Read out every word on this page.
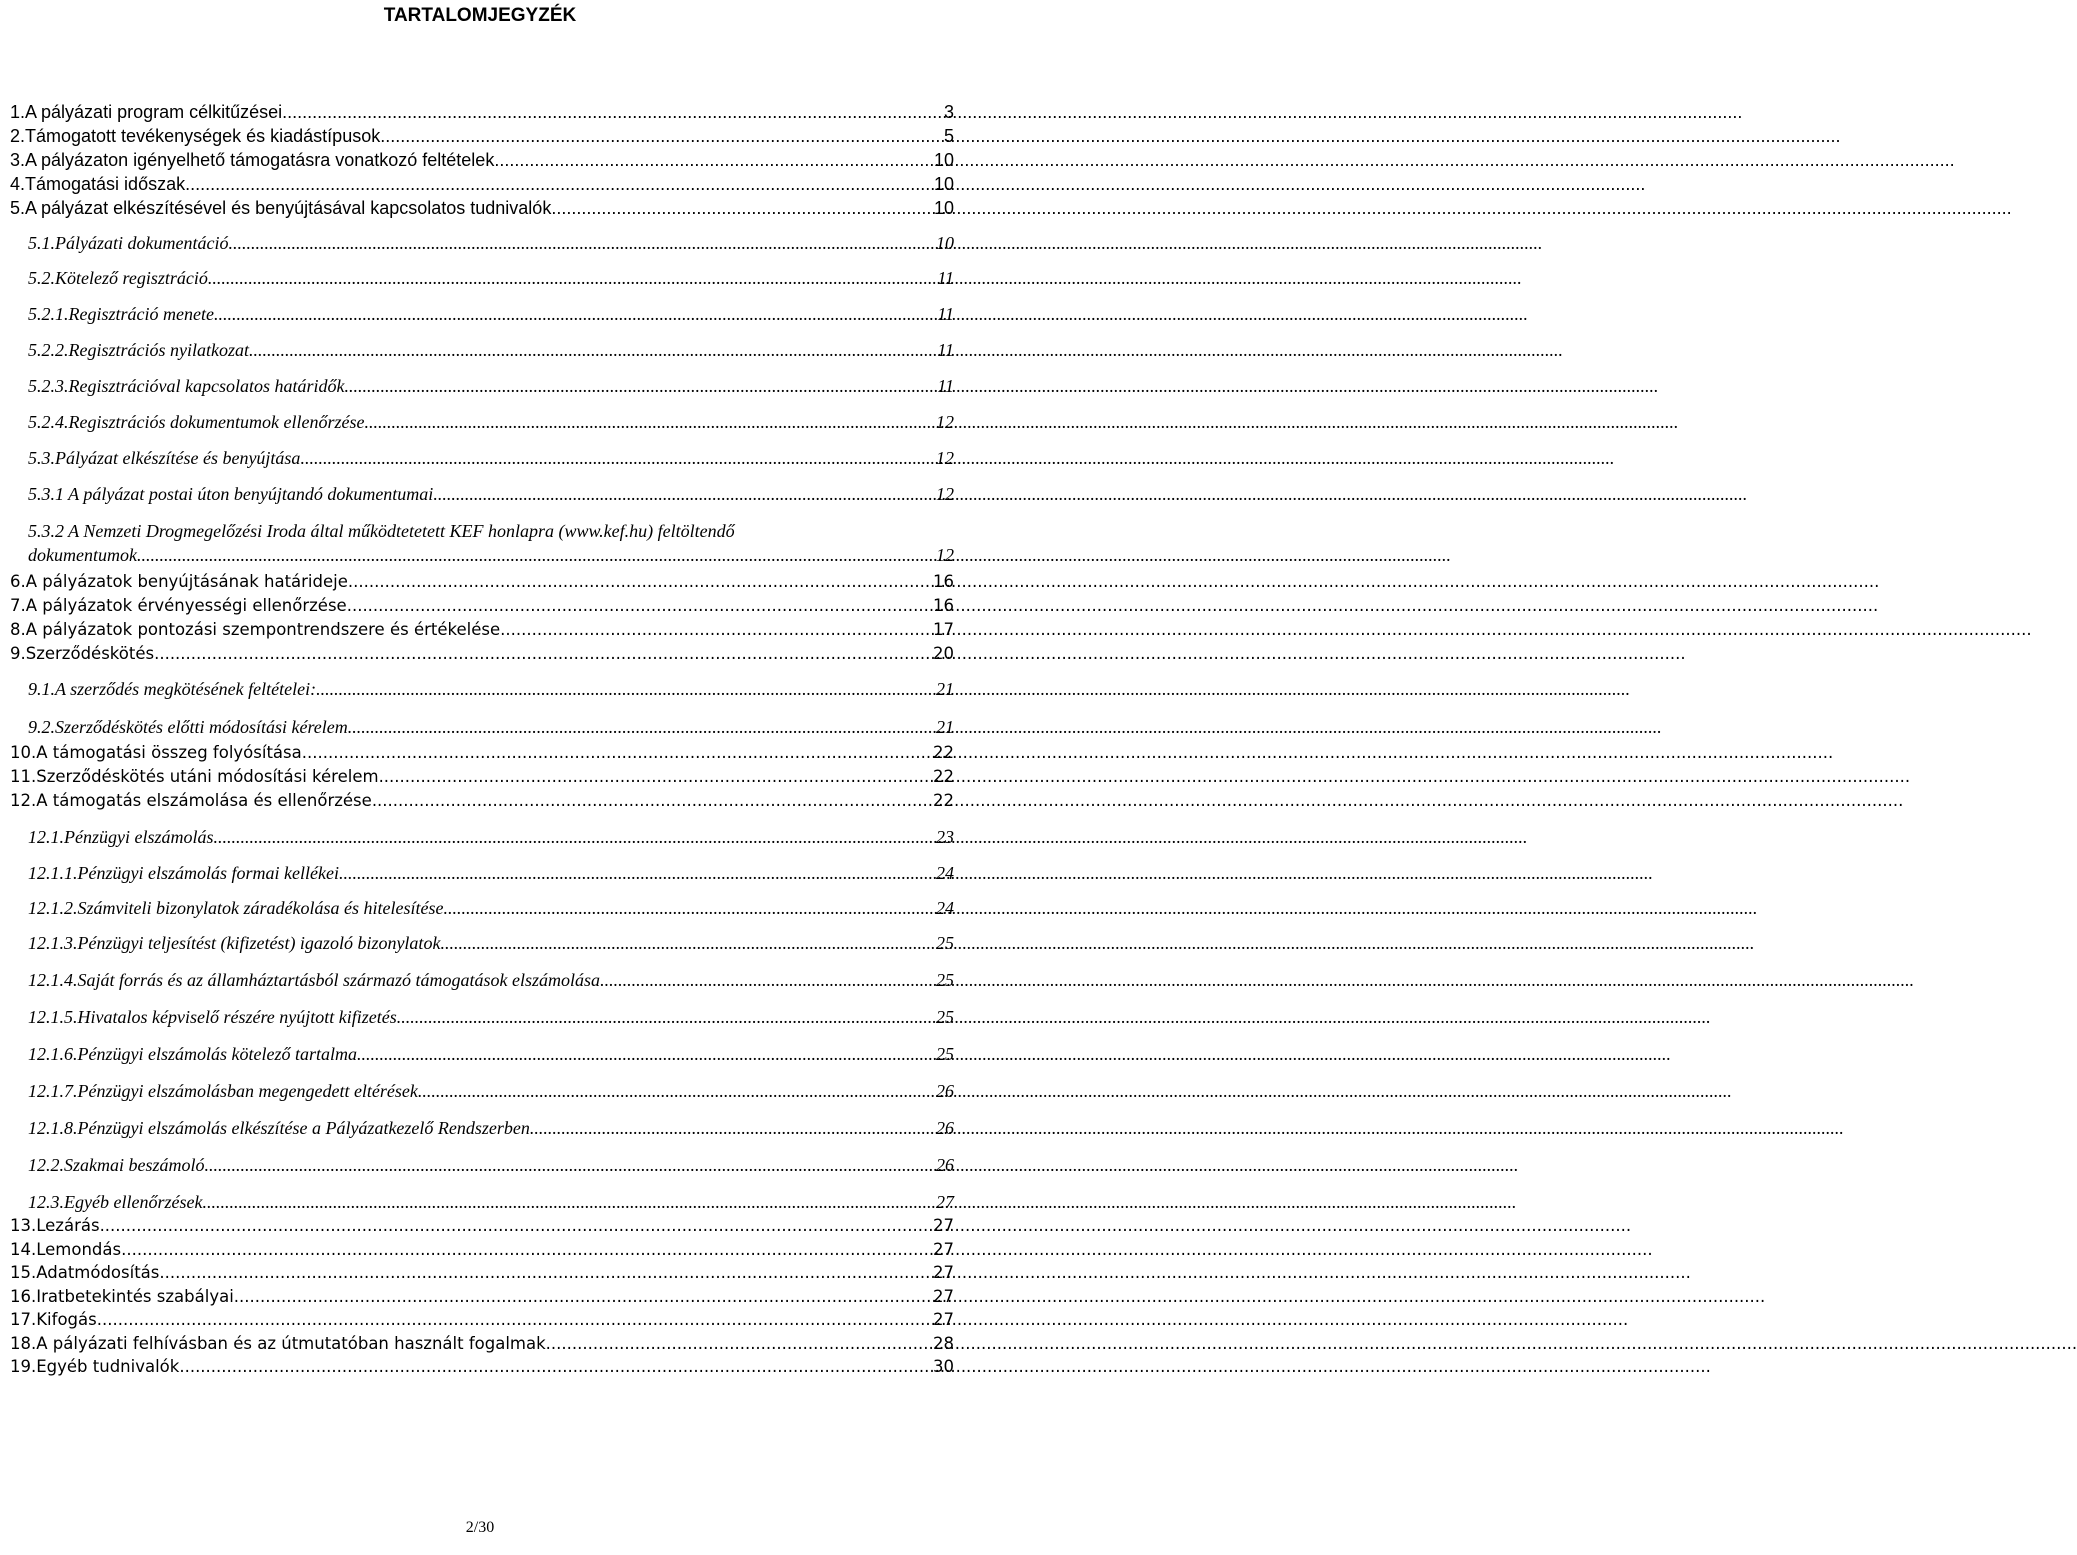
TARTALOMJEGYZÉK
1.A pályázati program célkitűzései .....	3
2.Támogatott tevékenységek és kiadástípusok .....	5
3.A pályázaton igényelhető támogatásra vonatkozó feltételek .....	10
4.Támogatási időszak .....	10
5.A pályázat elkészítésével és benyújtásával kapcsolatos tudnivalók .....	10
5.1.Pályázati dokumentáció .....	10
5.2.Kötelező regisztráció .....	11
5.2.1.Regisztráció menete .....	11
5.2.2.Regisztrációs nyilatkozat .....	11
5.2.3.Regisztrációval kapcsolatos határidők .....	11
5.2.4.Regisztrációs dokumentumok ellenőrzése .....	12
5.3.Pályázat elkészítése és benyújtása .....	12
5.3.1 A pályázat postai úton benyújtandó dokumentumai .....	12
5.3.2 A Nemzeti Drogmegelőzési Iroda által működtetetett KEF honlapra (www.kef.hu) feltöltendő
dokumentumok .....	12
6.A pályázatok benyújtásának határideje .....	16
7.A pályázatok érvényességi ellenőrzése .....	16
8.A pályázatok pontozási szempontrendszere és értékelése .....	17
9.Szerződéskötés .....	20
9.1.A szerződés megkötésének feltételei: .....	21
9.2.Szerződéskötés előtti módosítási kérelem .....	21
10.A támogatási összeg folyósítása .....	22
11.Szerződéskötés utáni módosítási kérelem .....	22
12.A támogatás elszámolása és ellenőrzése .....	22
12.1.Pénzügyi elszámolás .....	23
12.1.1.Pénzügyi elszámolás formai kellékei .....	24
12.1.2.Számviteli bizonylatok záradékolása és hitelesítése .....	24
12.1.3.Pénzügyi teljesítést (kifizetést) igazoló bizonylatok .....	25
12.1.4.Saját forrás és az államháztartásból származó támogatások elszámolása .....	25
12.1.5.Hivatalos képviselő részére nyújtott kifizetés .....	25
12.1.6.Pénzügyi elszámolás kötelező tartalma .....	25
12.1.7.Pénzügyi elszámolásban megengedett eltérések .....	26
12.1.8.Pénzügyi elszámolás elkészítése a Pályázatkezelő Rendszerben .....	26
12.2.Szakmai beszámoló .....	26
12.3.Egyéb ellenőrzések .....	27
13.Lezárás .....	27
14.Lemondás .....	27
15.Adatmódosítás .....	27
16.Iratbetekintés szabályai .....	27
17.Kifogás .....	27
18.A pályázati felhívásban és az útmutatóban használt fogalmak .....	28
19.Egyéb tudnivalók .....	30
2/30
